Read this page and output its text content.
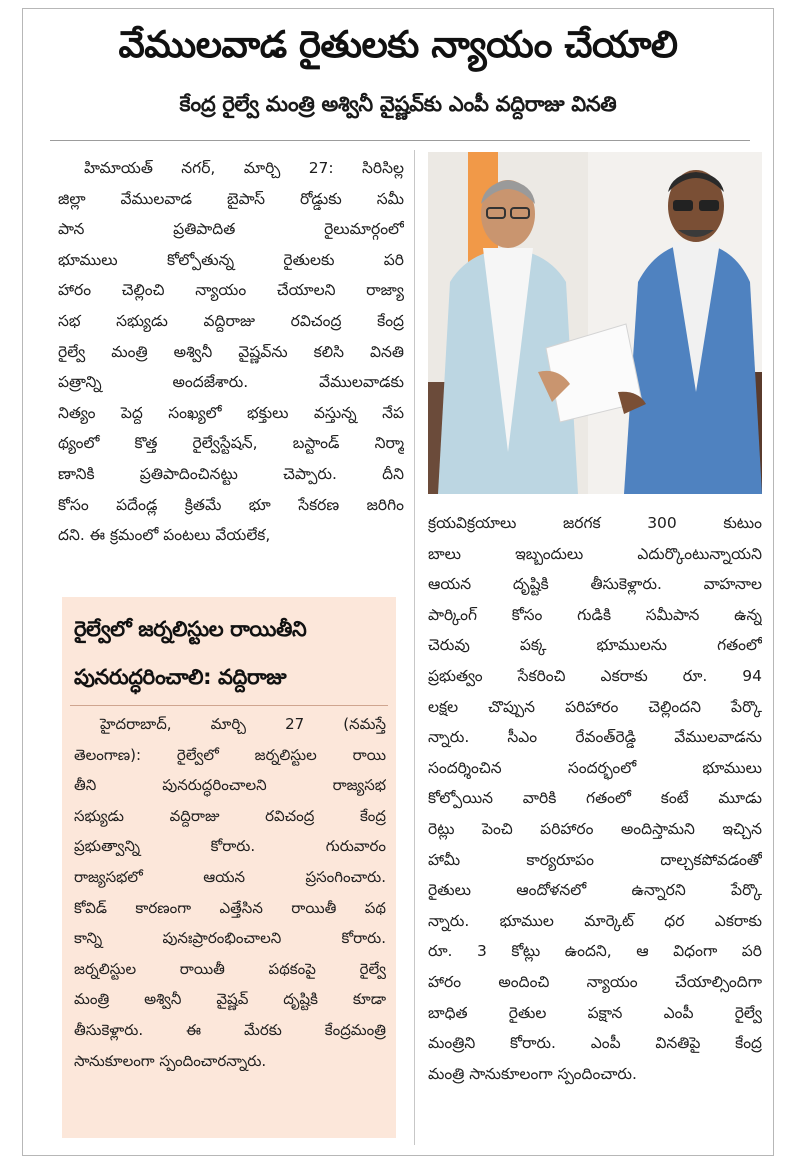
వేములవాడ రైతులకు న్యాయం చేయాలి
కేంద్ర రైల్వే మంత్రి అశ్వినీ వైష్ణవ్‌కు ఎంపీ వద్దిరాజు వినతి
హిమాయత్ నగర్, మార్చి 27: సిరిసిల్ల
జిల్లా వేములవాడ బైపాస్ రోడ్డుకు సమీ
పాన ప్రతిపాదిత రైలుమార్గంలో
భూములు కోల్పోతున్న రైతులకు పరి
హారం చెల్లించి న్యాయం చేయాలని రాజ్యా
సభ సభ్యుడు వద్దిరాజు రవిచంద్ర కేంద్ర
రైల్వే మంత్రి అశ్వినీ వైష్ణవ్‌ను కలిసి వినతి
పత్రాన్ని అందజేశారు. వేములవాడకు
నిత్యం పెద్ద సంఖ్యలో భక్తులు వస్తున్న నేప
థ్యంలో కొత్త రైల్వేస్టేషన్, బస్టాండ్ నిర్మా
ణానికి ప్రతిపాదించినట్టు చెప్పారు. దీని
కోసం పదేండ్ల క్రితమే భూ సేకరణ జరిగిం
దని. ఈ క్రమంలో పంటలు వేయలేక,
క్రయవిక్రయాలు జరగక 300 కుటుం
బాలు ఇబ్బందులు ఎదుర్కొంటున్నాయని
ఆయన దృష్టికి తీసుకెళ్లారు. వాహనాల
పార్కింగ్ కోసం గుడికి సమీపాన ఉన్న
చెరువు పక్క భూములను గతంలో
ప్రభుత్వం సేకరించి ఎకరాకు రూ. 94
లక్షల చొప్పున పరిహారం చెల్లిందని పేర్కొ
న్నారు. సీఎం రేవంత్‌రెడ్డి వేములవాడను
సందర్శించిన సందర్భంలో భూములు
కోల్పోయిన వారికి గతంలో కంటే మూడు
రెట్లు పెంచి పరిహారం అందిస్తామని ఇచ్చిన
హామీ కార్యరూపం దాల్చకపోవడంతో
రైతులు ఆందోళనలో ఉన్నారని పేర్కొ
న్నారు. భూముల మార్కెట్ ధర ఎకరాకు
రూ. 3 కోట్లు ఉందని, ఆ విధంగా పరి
హారం అందించి న్యాయం చేయాల్సిందిగా
బాధిత రైతుల పక్షాన ఎంపీ రైల్వే
మంత్రిని కోరారు. ఎంపీ వినతిపై కేంద్ర
మంత్రి సానుకూలంగా స్పందించారు.
రైల్వేలో జర్నలిస్టుల రాయితీని
పునరుద్ధరించాలి: వద్దిరాజు
హైదరాబాద్, మార్చి 27 (నమస్తే
తెలంగాణ): రైల్వేలో జర్నలిస్టుల రాయి
తీని పునరుద్ధరించాలని రాజ్యసభ
సభ్యుడు వద్దిరాజు రవిచంద్ర కేంద్ర
ప్రభుత్వాన్ని కోరారు. గురువారం
రాజ్యసభలో ఆయన ప్రసంగించారు.
కోవిడ్ కారణంగా ఎత్తేసిన రాయితీ పథ
కాన్ని పునఃప్రారంభించాలని కోరారు.
జర్నలిస్టుల రాయితీ పథకంపై రైల్వే
మంత్రి అశ్వినీ వైష్ణవ్ దృష్టికి కూడా
తీసుకెళ్లారు. ఈ మేరకు కేంద్రమంత్రి
సానుకూలంగా స్పందించారన్నారు.
